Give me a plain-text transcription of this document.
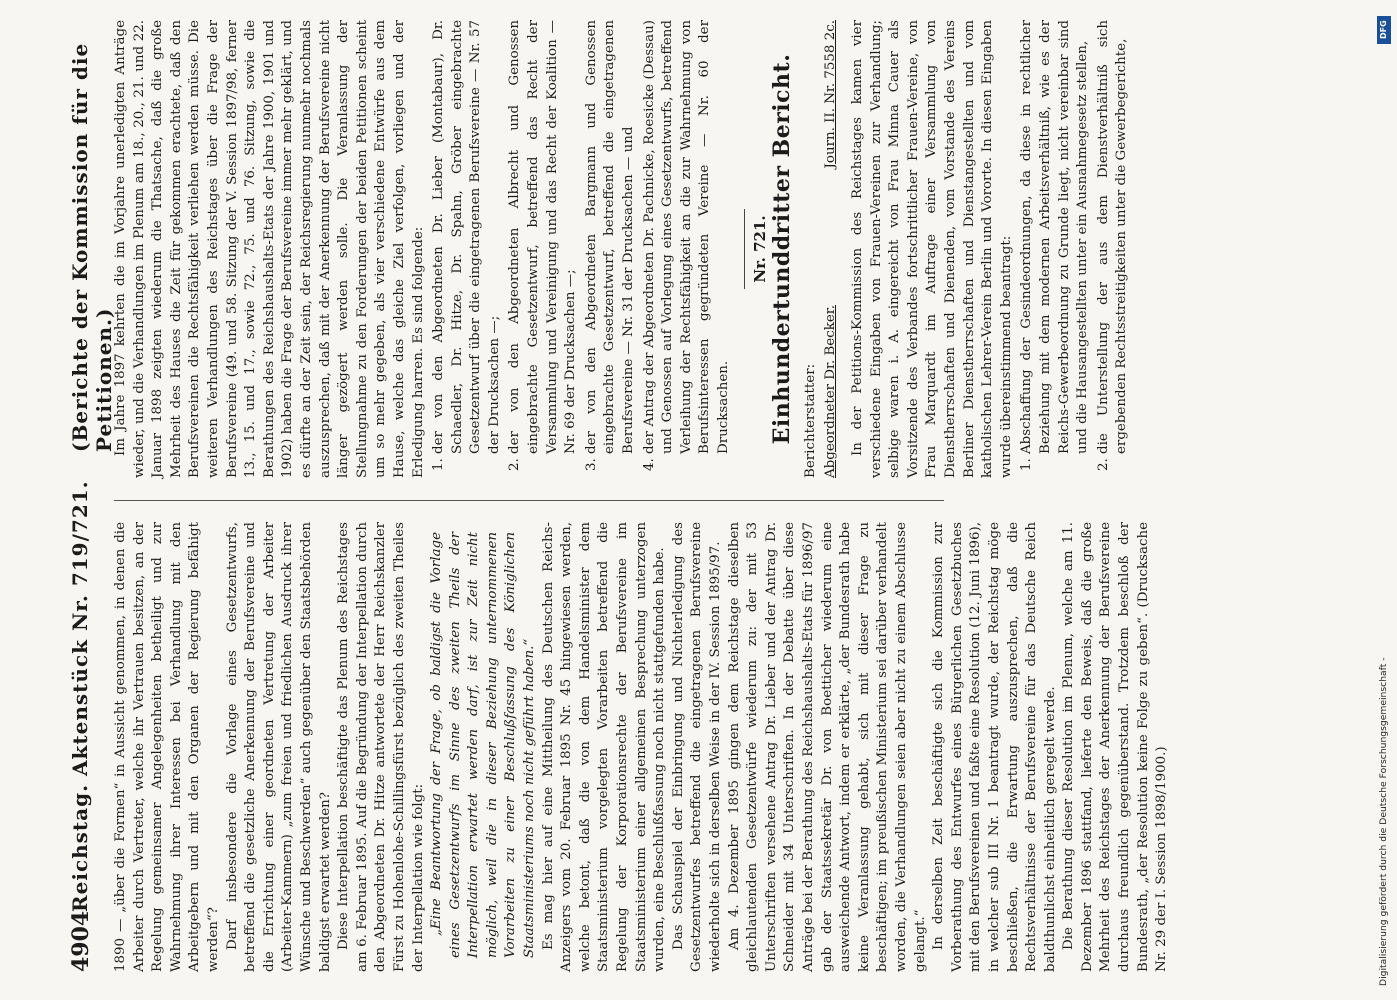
4904
Reichstag. Aktenstück Nr. 719/721.
(Berichte der Kommission für die Petitionen.)

1890 — „über die Formen“ in Aussicht genommen, in denen die Arbeiter durch Vertreter, welche ihr Vertrauen besitzen, an der Regelung gemeinsamer Angelegenheiten betheiligt und zur Wahrnehmung ihrer Interessen bei Verhandlung mit den Arbeitgebern und mit den Organen der Regierung befähigt werden“? Darf insbesondere die Vorlage eines Gesetzentwurfs, betreffend die gesetzliche Anerkennung der Berufsvereine und die Errichtung einer geordneten Vertretung der Arbeiter (Arbeiter-Kammern) „zum freien und friedlichen Ausdruck ihrer Wünsche und Beschwerden“ auch gegenüber den Staatsbehörden baldigst erwartet werden? Diese Interpellation beschäftigte das Plenum des Reichstages am 6. Februar 1895. Auf die Begründung der Interpellation durch den Abgeordneten Dr. Hitze antwortete der Herr Reichskanzler Fürst zu Hohenlohe-Schillingsfürst bezüglich des zweiten Theiles der Interpellation wie folgt: „Eine Beantwortung der Frage, ob baldigst die Vorlage eines Gesetzentwurfs im Sinne des zweiten Theils der Interpellation erwartet werden darf, ist zur Zeit nicht möglich, weil die in dieser Beziehung unternommenen Vorarbeiten zu einer Beschlußfassung des Königlichen Staatsministeriums noch nicht geführt haben.“ Es mag hier auf eine Mittheilung des Deutschen Reichs-Anzeigers vom 20. Februar 1895 Nr. 45 hingewiesen werden, welche betont, daß die von dem Handelsminister dem Staatsministerium vorgelegten Vorarbeiten betreffend die Regelung der Korporationsrechte der Berufsvereine im Staatsministerium einer allgemeinen Besprechung unterzogen wurden, eine Beschlußfassung noch nicht stattgefunden habe. Das Schauspiel der Einbringung und Nichterledigung des Gesetzentwurfes betreffend die eingetragenen Berufsvereine wiederholte sich in derselben Weise in der IV. Session 1895/97. Am 4. Dezember 1895 gingen dem Reichstage dieselben gleichlautenden Gesetzentwürfe wiederum zu: der mit 53 Unterschriften versehene Antrag Dr. Lieber und der Antrag Dr. Schneider mit 34 Unterschriften. In der Debatte über diese Anträge bei der Berathung des Reichshaushalts-Etats für 1896/97 gab der Staatssekretär Dr. von Boetticher wiederum eine ausweichende Antwort, indem er erklärte, „der Bundesrath habe keine Veranlassung gehabt, sich mit dieser Frage zu beschäftigen; im preußischen Ministerium sei darüber verhandelt worden, die Verhandlungen seien aber nicht zu einem Abschlusse gelangt.“ In derselben Zeit beschäftigte sich die Kommission zur Vorberathung des Entwurfes eines Bürgerlichen Gesetzbuches mit den Berufsvereinen und faßte eine Resolution (12. Juni 1896), in welcher sub III Nr. 1 beantragt wurde, der Reichstag möge beschließen, die Erwartung auszusprechen, daß die Rechtsverhältnisse der Berufsvereine für das Deutsche Reich baldthunlichst einheitlich geregelt werde. Die Berathung dieser Resolution im Plenum, welche am 11. Dezember 1896 stattfand, lieferte den Beweis, daß die große Mehrheit des Reichstages der Anerkennung der Berufsvereine durchaus freundlich gegenüberstand. Trotzdem beschloß der Bundesrath, „der Resolution keine Folge zu geben“. (Drucksache Nr. 29 der I. Session 1898/1900.)

Im Jahre 1897 kehrten die im Vorjahre unerledigten Anträge wieder, und die Verhandlungen im Plenum am 18., 20., 21. und 22. Januar 1898 zeigten wiederum die Thatsache, daß die große Mehrheit des Hauses die Zeit für gekommen erachtete, daß den Berufsvereinen die Rechtsfähigkeit verliehen werden müsse. Die weiteren Verhandlungen des Reichstages über die Frage der Berufsvereine (49. und 58. Sitzung der V. Session 1897/98, ferner 13., 15. und 17., sowie 72., 75. und 76. Sitzung, sowie die Berathungen des Reichshaushalts-Etats der Jahre 1900, 1901 und 1902) haben die Frage der Berufsvereine immer mehr geklärt, und es dürfte an der Zeit sein, der Reichsregierung nunmehr nochmals auszusprechen, daß mit der Anerkennung der Berufsvereine nicht länger gezögert werden solle. Die Veranlassung der Stellungnahme zu den Forderungen der beiden Petitionen scheint um so mehr gegeben, als vier verschiedene Entwürfe aus dem Hause, welche das gleiche Ziel verfolgen, vorliegen und der Erledigung harren. Es sind folgende: 1. der von den Abgeordneten Dr. Lieber (Montabaur), Dr. Schaedler, Dr. Hitze, Dr. Spahn, Gröber eingebrachte Gesetzentwurf über die eingetragenen Berufsvereine — Nr. 57 der Drucksachen —; 2. der von den Abgeordneten Albrecht und Genossen eingebrachte Gesetzentwurf, betreffend das Recht der Versammlung und Vereinigung und das Recht der Koalition — Nr. 69 der Drucksachen —; 3. der von den Abgeordneten Bargmann und Genossen eingebrachte Gesetzentwurf, betreffend die eingetragenen Berufsvereine — Nr. 31 der Drucksachen — und 4. der Antrag der Abgeordneten Dr. Pachnicke, Roesicke (Dessau) und Genossen auf Vorlegung eines Gesetzentwurfs, betreffend Verleihung der Rechtsfähigkeit an die zur Wahrnehmung von Berufsinteressen gegründeten Vereine — Nr. 60 der Drucksachen.
Nr. 721. Einhundertunddritter Bericht. Berichterstatter: Abgeordneter Dr. Becker.
Journ. II. Nr. 7558 2c. In der Petitions-Kommission des Reichstages kamen vier verschiedene Eingaben von Frauen-Vereinen zur Verhandlung; selbige waren i. A. eingereicht von Frau Minna Cauer als Vorsitzende des Verbandes fortschrittlicher Frauen-Vereine, von Frau Marquardt im Auftrage einer Versammlung von Dienstherrschaften und Dienenden, vom Vorstande des Vereins Berliner Dienstherrschaften und Dienstangestellten und vom katholischen Lehrer-Verein Berlin und Vororte. In diesen Eingaben wurde übereinstimmend beantragt: 1. Abschaffung der Gesindeordnungen, da diese in rechtlicher Beziehung mit dem modernen Arbeitsverhältniß, wie es der Reichs-Gewerbeordnung zu Grunde liegt, nicht vereinbar sind und die Hausangestellten unter ein Ausnahmegesetz stellen, 2. die Unterstellung der aus dem Dienstverhältniß sich ergebenden Rechtsstreitigkeiten unter die Gewerbegerichte,
DFG
Digitalisierung gefördert durch die Deutsche Forschungsgemeinschaft -
